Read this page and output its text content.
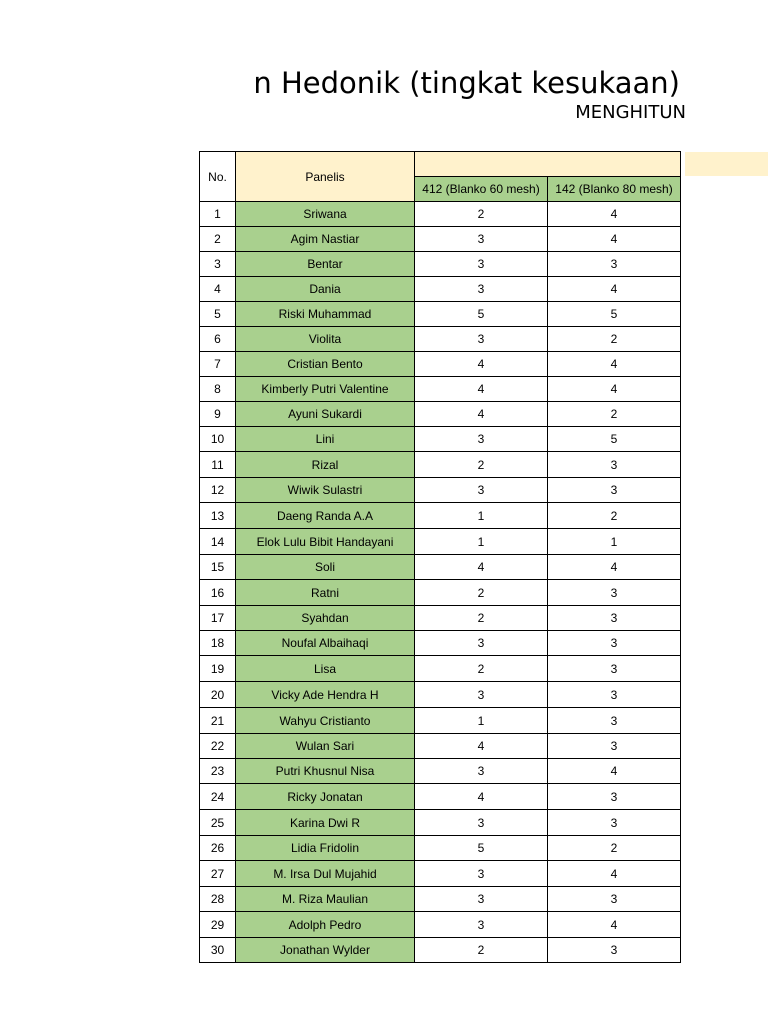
n Hedonik (tingkat kesukaan)
MENGHITUN
No.	Panelis		
		412 (Blanko 60 mesh)	142 (Blanko 80 mesh)
1	Sriwana	2	4
2	Agim Nastiar	3	4
3	Bentar	3	3
4	Dania	3	4
5	Riski Muhammad	5	5
6	Violita	3	2
7	Cristian Bento	4	4
8	Kimberly Putri Valentine	4	4
9	Ayuni Sukardi	4	2
10	Lini	3	5
11	Rizal	2	3
12	Wiwik Sulastri	3	3
13	Daeng Randa A.A	1	2
14	Elok Lulu Bibit Handayani	1	1
15	Soli	4	4
16	Ratni	2	3
17	Syahdan	2	3
18	Noufal Albaihaqi	3	3
19	Lisa	2	3
20	Vicky Ade Hendra H	3	3
21	Wahyu Cristianto	1	3
22	Wulan Sari	4	3
23	Putri Khusnul Nisa	3	4
24	Ricky Jonatan	4	3
25	Karina Dwi R	3	3
26	Lidia Fridolin	5	2
27	M. Irsa Dul Mujahid	3	4
28	M. Riza Maulian	3	3
29	Adolph Pedro	3	4
30	Jonathan Wylder	2	3
